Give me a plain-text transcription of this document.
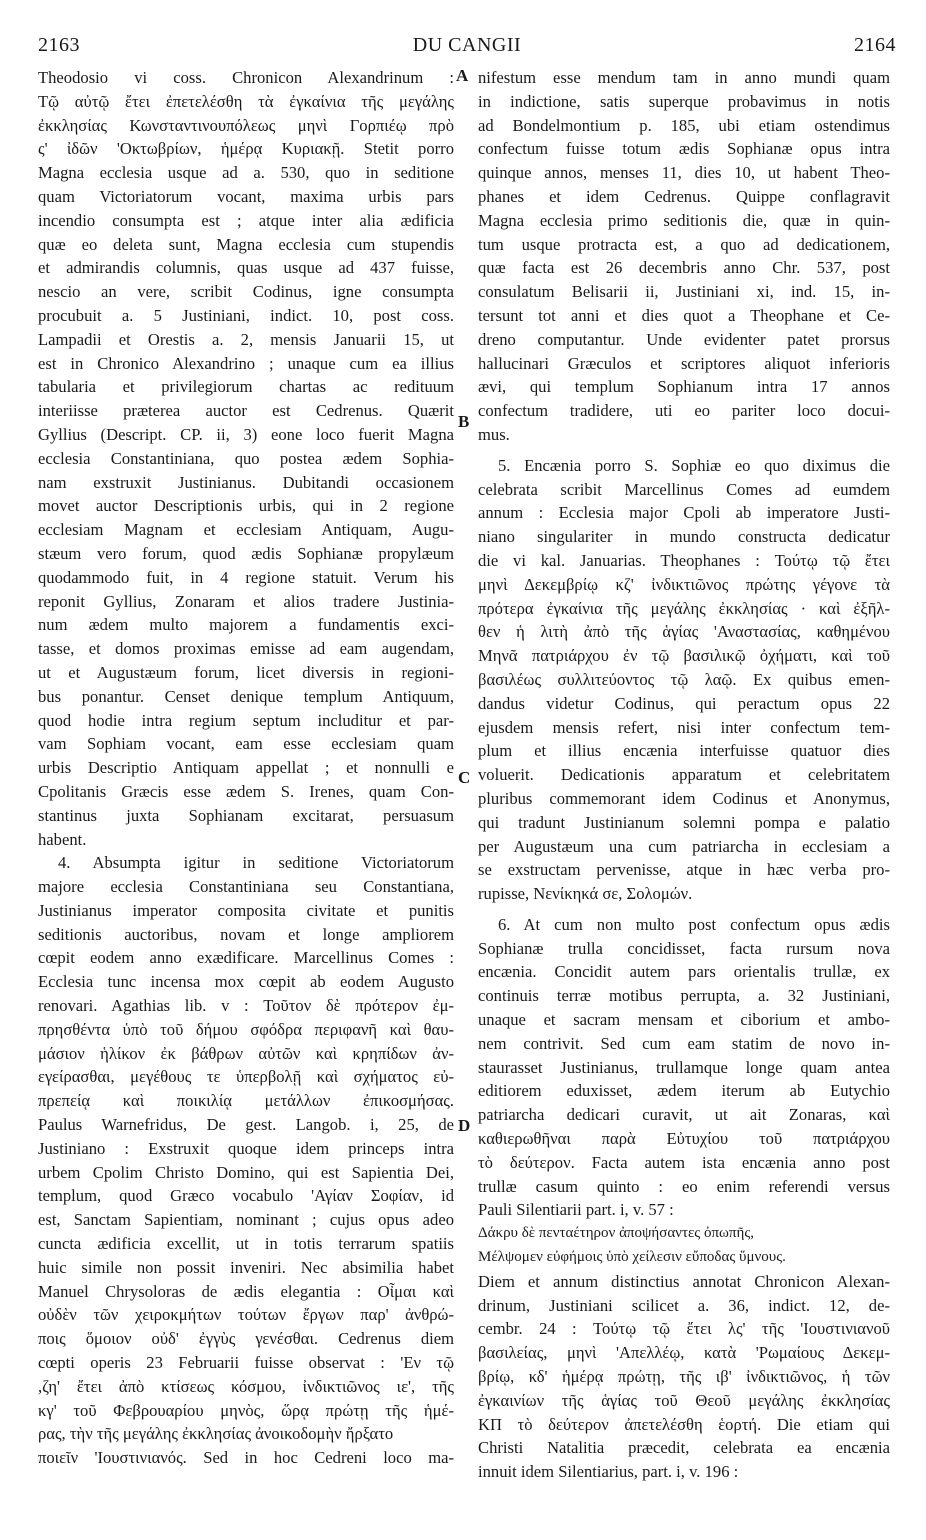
2163	DU CANGII	2164
Theodosio vi coss. Chronicon Alexandrinum :
Τῷ αὐτῷ ἔτει ἐπετελέσθη τὰ ἐγκαίνια τῆς μεγάλης
ἐκκλησίας Κωνσταντινουπόλεως μηνὶ Γορπιέῳ πρὸ
ς' ἰδῶν 'Οκτωβρίων, ἡμέρᾳ Κυριακῇ. Stetit porro
Magna ecclesia usque ad a. 530, quo in seditione
quam Victoriatorum vocant, maxima urbis pars
incendio consumpta est ; atque inter alia ædificia
quæ eo deleta sunt, Magna ecclesia cum stupendis
et admirandis columnis, quas usque ad 437 fuisse,
nescio an vere, scribit Codinus, igne consumpta
procubuit a. 5 Justiniani, indict. 10, post coss.
Lampadii et Orestis a. 2, mensis Januarii 15, ut
est in Chronico Alexandrino ; unaque cum ea illius
tabularia et privilegiorum chartas ac redituum
interiisse præterea auctor est Cedrenus. Quærit
Gyllius (Descript. CP. ii, 3) eone loco fuerit Magna
ecclesia Constantiniana, quo postea ædem Sophia-
nam exstruxit Justinianus. Dubitandi occasionem
movet auctor Descriptionis urbis, qui in 2 regione
ecclesiam Magnam et ecclesiam Antiquam, Augu-
stæum vero forum, quod ædis Sophianæ propylæum
quodammodo fuit, in 4 regione statuit. Verum his
reponit Gyllius, Zonaram et alios tradere Justinia-
num ædem multo majorem a fundamentis exci-
tasse, et domos proximas emisse ad eam augendam,
ut et Augustæum forum, licet diversis in regioni-
bus ponantur. Censet denique templum Antiquum,
quod hodie intra regium septum includitur et par-
vam Sophiam vocant, eam esse ecclesiam quam
urbis Descriptio Antiquam appellat ; et nonnulli e
Cpolitanis Græcis esse ædem S. Irenes, quam Con-
stantinus juxta Sophianam excitarat, persuasum
habent.
4. Absumpta igitur in seditione Victoriatorum
majore ecclesia Constantiniana seu Constantiana,
Justinianus imperator composita civitate et punitis
seditionis auctoribus, novam et longe ampliorem
cœpit eodem anno exædificare. Marcellinus Comes :
Ecclesia tunc incensa mox cœpit ab eodem Augusto
renovari. Agathias lib. v : Τοῦτον δὲ πρότερον ἐμ-
πρησθέντα ὑπὸ τοῦ δήμου σφόδρα περιφανῆ καὶ θαυ-
μάσιον ἡλίκον ἐκ βάθρων αὐτῶν καὶ κρηπίδων ἀν-
εγείρασθαι, μεγέθους τε ὑπερβολῇ καὶ σχήματος εὐ-
πρεπείᾳ καὶ ποικιλίᾳ μετάλλων ἐπικοσμήσας.
Paulus Warnefridus, De gest. Langob. i, 25, de
Justiniano : Exstruxit quoque idem princeps intra
urbem Cpolim Christo Domino, qui est Sapientia Dei,
templum, quod Græco vocabulo 'Αγίαν Σοφίαν, id
est, Sanctam Sapientiam, nominant ; cujus opus adeo
cuncta ædificia excellit, ut in totis terrarum spatiis
huic simile non possit inveniri. Nec absimilia habet
Manuel Chrysoloras de ædis elegantia : Οἶμαι καὶ
οὐδὲν τῶν χειροκμήτων τούτων ἔργων παρ' ἀνθρώ-
ποις ὅμοιον οὐδ' ἐγγὺς γενέσθαι. Cedrenus diem
cœpti operis 23 Februarii fuisse observat : 'Εν τῷ
,ζη' ἔτει ἀπὸ κτίσεως κόσμου, ἰνδικτιῶνος ιε', τῆς
κγ' τοῦ Φεβρουαρίου μηνὸς, ὥρᾳ πρώτῃ τῆς ἡμέ-
ρας, τὴν τῆς μεγάλης ἐκκλησίας ἀνοικοδομὴν ἤρξατο
ποιεῖν 'Ιουστινιανός. Sed in hoc Cedreni loco ma-
nifestum esse mendum tam in anno mundi quam
in indictione, satis superque probavimus in notis
ad Bondelmontium p. 185, ubi etiam ostendimus
confectum fuisse totum ædis Sophianæ opus intra
quinque annos, menses 11, dies 10, ut habent Theo-
phanes et idem Cedrenus. Quippe conflagravit
Magna ecclesia primo seditionis die, quæ in quin-
tum usque protracta est, a quo ad dedicationem,
quæ facta est 26 decembris anno Chr. 537, post
consulatum Belisarii ii, Justiniani xi, ind. 15, in-
tersunt tot anni et dies quot a Theophane et Ce-
dreno computantur. Unde evidenter patet prorsus
hallucinari Græculos et scriptores aliquot inferioris
ævi, qui templum Sophianum intra 17 annos
confectum tradidere, uti eo pariter loco docui-
mus.
5. Encænia porro S. Sophiæ eo quo diximus die
celebrata scribit Marcellinus Comes ad eumdem
annum : Ecclesia major Cpoli ab imperatore Justi-
niano singulariter in mundo constructa dedicatur
die vi kal. Januarias. Theophanes : Τούτῳ τῷ ἔτει
μηνὶ Δεκεμβρίῳ κζ' ἰνδικτιῶνος πρώτης γέγονε τὰ
πρότερα ἐγκαίνια τῆς μεγάλης ἐκκλησίας · καὶ ἐξῆλ-
θεν ἡ λιτὴ ἀπὸ τῆς ἁγίας 'Αναστασίας, καθημένου
Μηνᾶ πατριάρχου ἐν τῷ βασιλικῷ ὀχήματι, καὶ τοῦ
βασιλέως συλλιτεύοντος τῷ λαῷ. Ex quibus emen-
dandus videtur Codinus, qui peractum opus 22
ejusdem mensis refert, nisi inter confectum tem-
plum et illius encænia interfuisse quatuor dies
voluerit. Dedicationis apparatum et celebritatem
pluribus commemorant idem Codinus et Anonymus,
qui tradunt Justinianum solemni pompa e palatio
per Augustæum una cum patriarcha in ecclesiam a
se exstructam pervenisse, atque in hæc verba pro-
rupisse, Νενίκηκά σε, Σολομών.
6. At cum non multo post confectum opus ædis
Sophianæ trulla concidisset, facta rursum nova
encænia. Concidit autem pars orientalis trullæ, ex
continuis terræ motibus perrupta, a. 32 Justiniani,
unaque et sacram mensam et ciborium et ambo-
nem contrivit. Sed cum eam statim de novo in-
staurasset Justinianus, trullamque longe quam antea
editiorem eduxisset, ædem iterum ab Eutychio
patriarcha dedicari curavit, ut ait Zonaras, καὶ
καθιερωθῆναι παρὰ Εὐτυχίου τοῦ πατριάρχου
τὸ δεύτερον. Facta autem ista encænia anno post
trullæ casum quinto : eo enim referendi versus
Pauli Silentiarii part. i, v. 57 :
Δάκρυ δὲ πενταέτηρον ἀποψήσαντες ὀπωπῆς,
Μέλψομεν εὐφήμοις ὑπὸ χείλεσιν εὔποδας ὕμνους.
Diem et annum distinctius annotat Chronicon Alexan-
drinum, Justiniani scilicet a. 36, indict. 12, de-
cembr. 24 : Τούτῳ τῷ ἔτει λς' τῆς 'Ιουστινιανοῦ
βασιλείας, μηνὶ 'Απελλέῳ, κατὰ 'Ρωμαίους Δεκεμ-
βρίῳ, κδ' ἡμέρᾳ πρώτῃ, τῆς ιβ' ἰνδικτιῶνος, ἡ τῶν
ἐγκαινίων τῆς ἁγίας τοῦ Θεοῦ μεγάλης ἐκκλησίας
ΚΠ τὸ δεύτερον ἀπετελέσθη ἑορτή. Die etiam qui
Christi Natalitia præcedit, celebrata ea encænia
innuit idem Silentiarius, part. i, v. 196 :
A
B
C
D
